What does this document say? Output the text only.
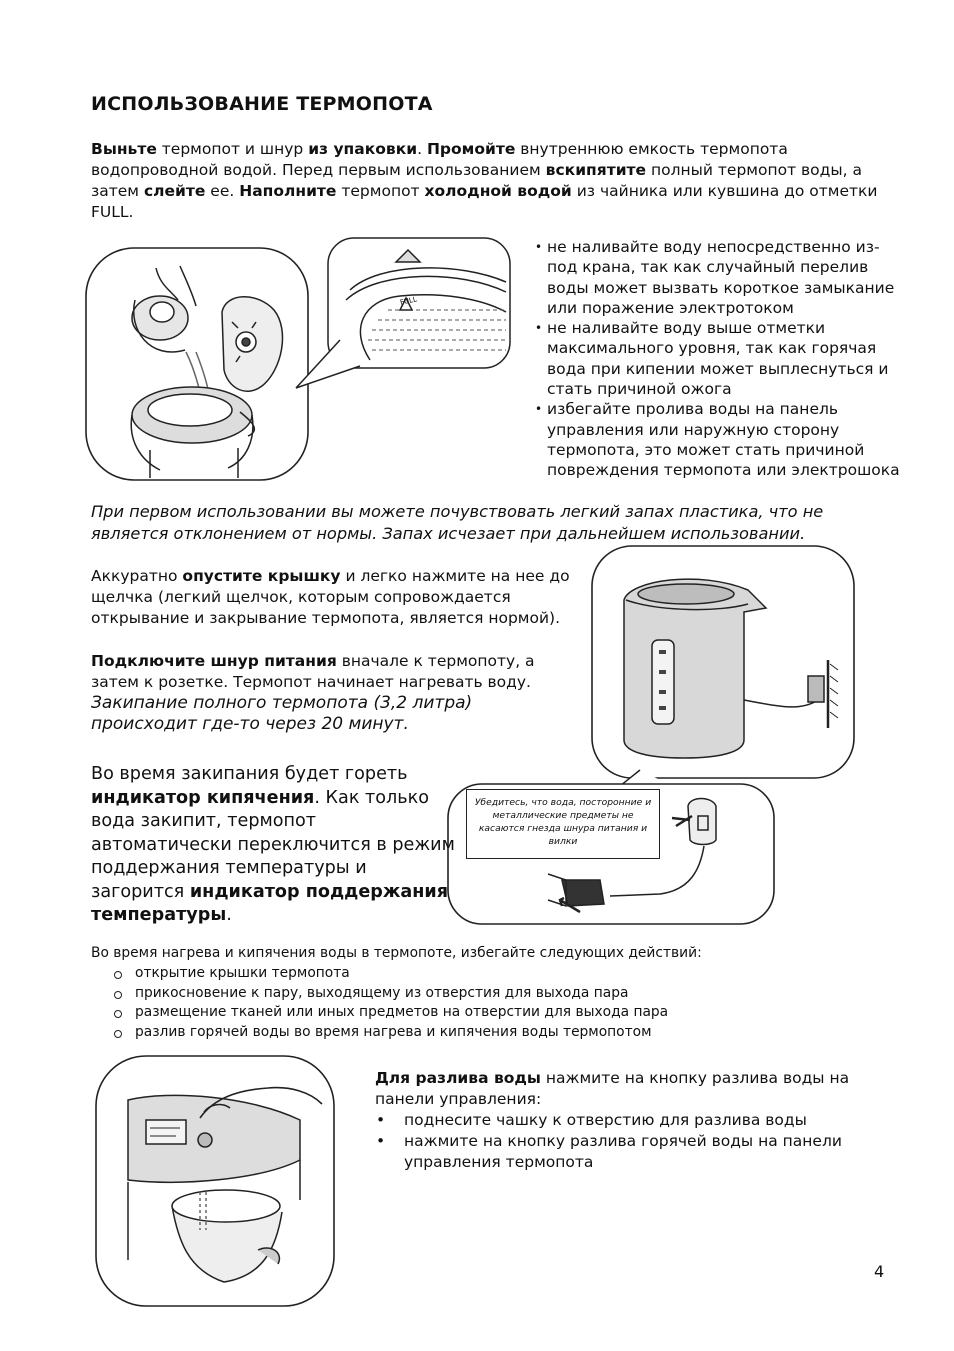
ИСПОЛЬЗОВАНИЕ ТЕРМОПОТА
Выньте термопот и шнур из упаковки. Промойте внутреннюю емкость термопота водопроводной водой. Перед первым использованием вскипятите полный термопот воды, а затем слейте ее. Наполните термопот холодной водой из чайника или кувшина до отметки FULL.
FULL
• не наливайте воду непосредственно из-под крана, так как случайный перелив воды может вызвать короткое замыкание или поражение электротоком
• не наливайте воду выше отметки максимального уровня, так как горячая вода при кипении может выплеснуться и стать причиной ожога
• избегайте пролива воды на панель управления или наружную сторону термопота, это может стать причиной повреждения термопота или электрошока
При первом использовании вы можете почувствовать легкий запах пластика, что не является отклонением от нормы. Запах исчезает при дальнейшем использовании.
Аккуратно опустите крышку и легко нажмите на нее до щелчка (легкий щелчок, которым сопровождается открывание и закрывание термопота, является нормой).
Подключите шнур питания вначале к термопоту, а затем к розетке. Термопот начинает нагревать воду. Закипание полного термопота (3,2 литра) происходит где-то через 20 минут.
Во время закипания будет гореть индикатор кипячения. Как только вода закипит, термопот автоматически переключится в режим поддержания температуры и загорится индикатор поддержания температуры.
Убедитесь, что вода, посторонние и металлические предметы не касаются гнезда шнура питания и вилки
Во время нагрева и кипячения воды в термопоте, избегайте следующих действий:
открытие крышки термопота
прикосновение к пару, выходящему из отверстия для выхода пара
размещение тканей или иных предметов на отверстии для выхода пара
разлив горячей воды во время нагрева и кипячения воды термопотом
Для разлива воды нажмите на кнопку разлива воды на панели управления:
• поднесите чашку к отверстию для разлива воды
• нажмите на кнопку разлива горячей воды на панели управления термопота
4
